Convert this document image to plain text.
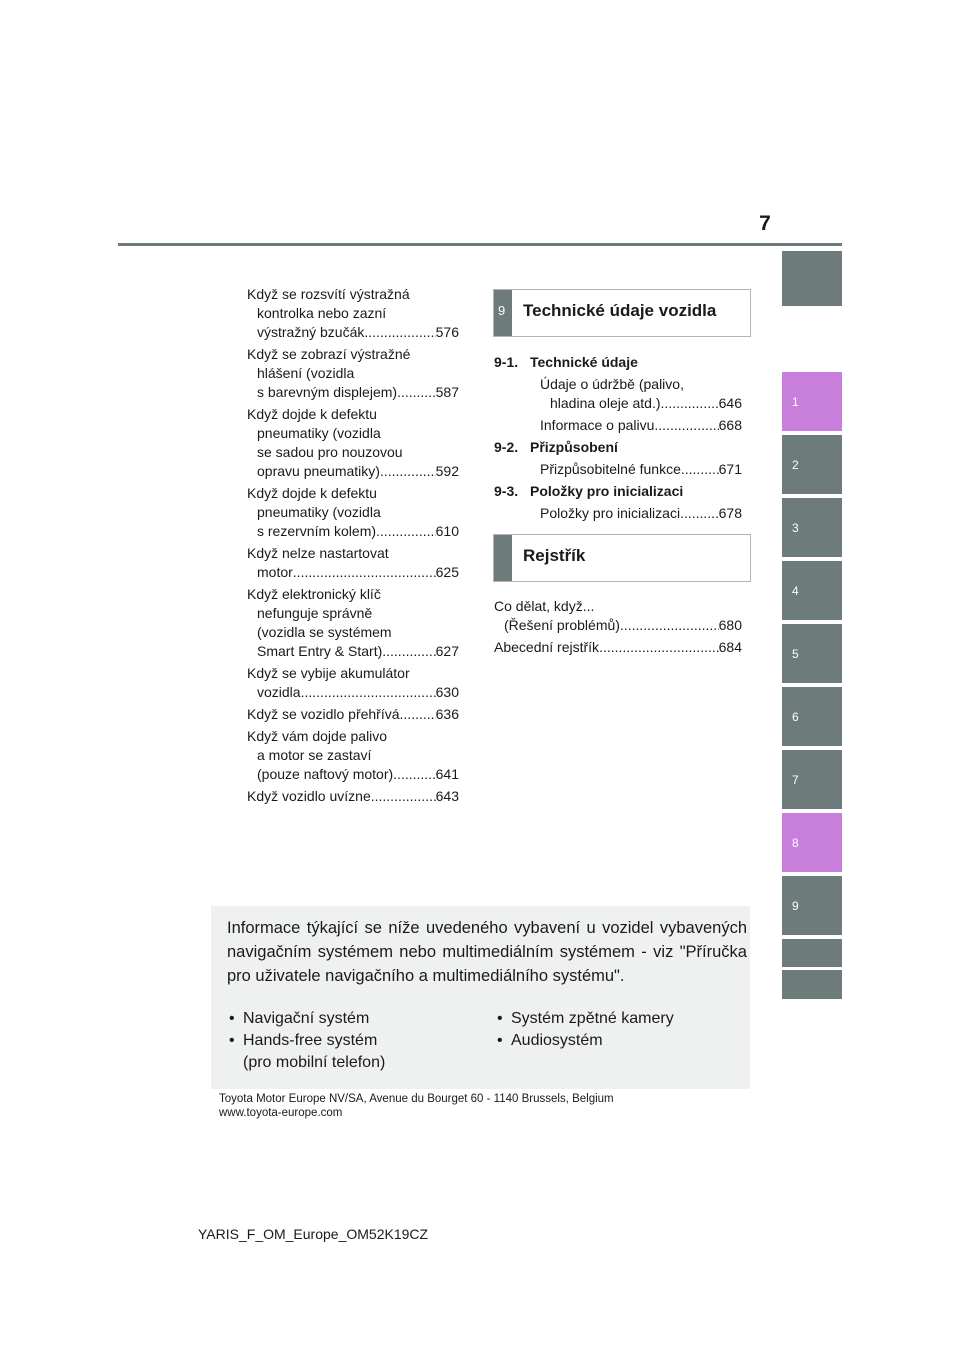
7
1
2
3
4
5
6
7
8
9
Když se rozsvítí výstražná
kontrolka nebo zazní
výstražný bzučák .....	576
Když se zobrazí výstražné
hlášení (vozidla
s barevným displejem) .....	587
Když dojde k defektu
pneumatiky (vozidla
se sadou pro nouzovou
opravu pneumatiky) .....	592
Když dojde k defektu
pneumatiky (vozidla
s rezervním kolem) .....	610
Když nelze nastartovat
motor .....	625
Když elektronický klíč
nefunguje správně
(vozidla se systémem
Smart Entry & Start) .....	627
Když se vybije akumulátor
vozidla .....	630
Když se vozidlo přehřívá .....	636
Když vám dojde palivo
a motor se zastaví
(pouze naftový motor) .....	641
Když vozidlo uvízne .....	643
9 Technické údaje vozidla
9-1. Technické údaje
Údaje o údržbě (palivo,
hladina oleje atd.) .....	646
Informace o palivu .....	668
9-2. Přizpůsobení
Přizpůsobitelné funkce .....	671
9-3. Položky pro inicializaci
Položky pro inicializaci .....	678
Rejstřík
Co dělat, když...
(Řešení problémů) .....	680
Abecední rejstřík .....	684
Informace týkající se níže uvedeného vybavení u vozidel vybavených navigačním systémem nebo multimediálním systémem - viz "Příručka pro uživatele navigačního a multimediálního systému".
• Navigační systém
• Hands-free systém
(pro mobilní telefon)
• Systém zpětné kamery
• Audiosystém
Toyota Motor Europe NV/SA, Avenue du Bourget 60 - 1140 Brussels, Belgium
www.toyota-europe.com
YARIS_F_OM_Europe_OM52K19CZ
